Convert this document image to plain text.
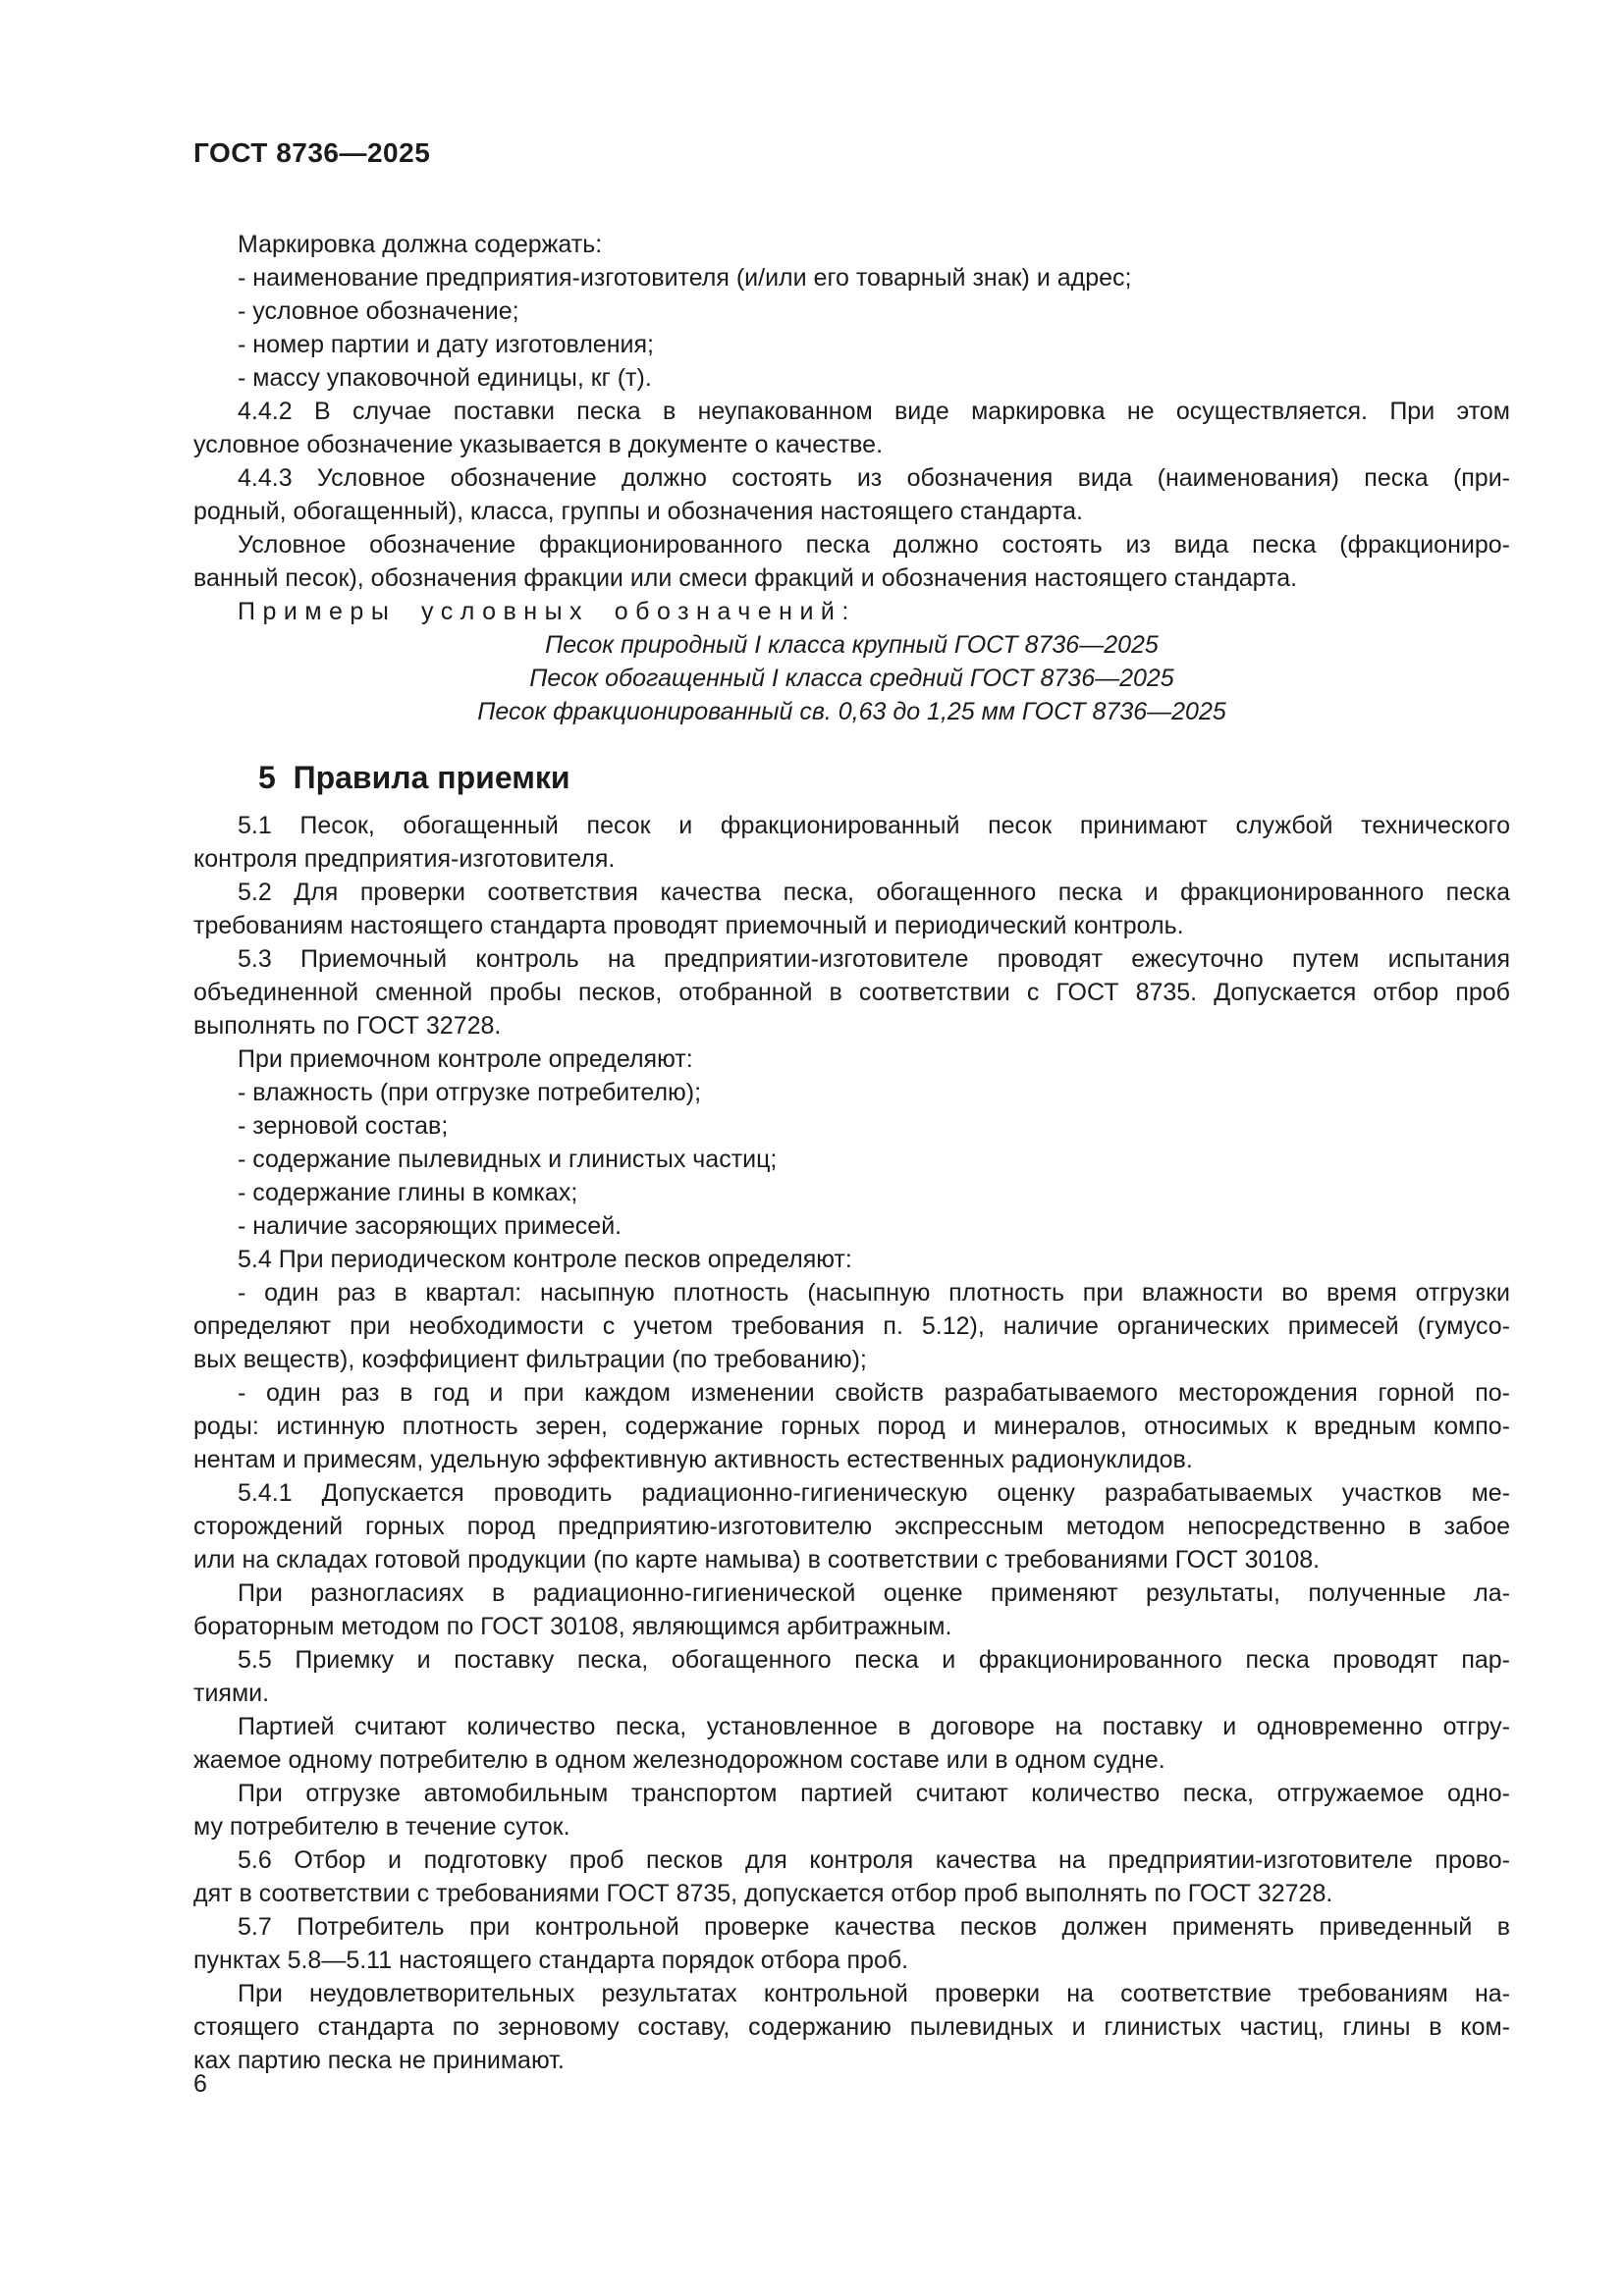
ГОСТ 8736—2025
Маркировка должна содержать:
- наименование предприятия-изготовителя (и/или его товарный знак) и адрес;
- условное обозначение;
- номер партии и дату изготовления;
- массу упаковочной единицы, кг (т).
4.4.2 В случае поставки песка в неупакованном виде маркировка не осуществляется. При этом
условное обозначение указывается в документе о качестве.
4.4.3 Условное обозначение должно состоять из обозначения вида (наименования) песка (при-
родный, обогащенный), класса, группы и обозначения настоящего стандарта.
Условное обозначение фракционированного песка должно состоять из вида песка (фракциониро-
ванный песок), обозначения фракции или смеси фракций и обозначения настоящего стандарта.
Примеры условных обозначений:
Песок природный I класса крупный ГОСТ 8736—2025
Песок обогащенный I класса средний ГОСТ 8736—2025
Песок фракционированный св. 0,63 до 1,25 мм ГОСТ 8736—2025
5  Правила приемки
5.1 Песок, обогащенный песок и фракционированный песок принимают службой технического
контроля предприятия-изготовителя.
5.2 Для проверки соответствия качества песка, обогащенного песка и фракционированного песка
требованиям настоящего стандарта проводят приемочный и периодический контроль.
5.3 Приемочный контроль на предприятии-изготовителе проводят ежесуточно путем испытания
объединенной сменной пробы песков, отобранной в соответствии с ГОСТ 8735. Допускается отбор проб
выполнять по ГОСТ 32728.
При приемочном контроле определяют:
- влажность (при отгрузке потребителю);
- зерновой состав;
- содержание пылевидных и глинистых частиц;
- содержание глины в комках;
- наличие засоряющих примесей.
5.4 При периодическом контроле песков определяют:
- один раз в квартал: насыпную плотность (насыпную плотность при влажности во время отгрузки
определяют при необходимости с учетом требования п. 5.12), наличие органических примесей (гумусо-
вых веществ), коэффициент фильтрации (по требованию);
- один раз в год и при каждом изменении свойств разрабатываемого месторождения горной по-
роды: истинную плотность зерен, содержание горных пород и минералов, относимых к вредным компо-
нентам и примесям, удельную эффективную активность естественных радионуклидов.
5.4.1 Допускается проводить радиационно-гигиеническую оценку разрабатываемых участков ме-
сторождений горных пород предприятию-изготовителю экспрессным методом непосредственно в забое
или на складах готовой продукции (по карте намыва) в соответствии с требованиями ГОСТ 30108.
При разногласиях в радиационно-гигиенической оценке применяют результаты, полученные ла-
бораторным методом по ГОСТ 30108, являющимся арбитражным.
5.5 Приемку и поставку песка, обогащенного песка и фракционированного песка проводят пар-
тиями.
Партией считают количество песка, установленное в договоре на поставку и одновременно отгру-
жаемое одному потребителю в одном железнодорожном составе или в одном судне.
При отгрузке автомобильным транспортом партией считают количество песка, отгружаемое одно-
му потребителю в течение суток.
5.6 Отбор и подготовку проб песков для контроля качества на предприятии-изготовителе прово-
дят в соответствии с требованиями ГОСТ 8735, допускается отбор проб выполнять по ГОСТ 32728.
5.7 Потребитель при контрольной проверке качества песков должен применять приведенный в
пунктах 5.8—5.11 настоящего стандарта порядок отбора проб.
При неудовлетворительных результатах контрольной проверки на соответствие требованиям на-
стоящего стандарта по зерновому составу, содержанию пылевидных и глинистых частиц, глины в ком-
ках партию песка не принимают.
6
